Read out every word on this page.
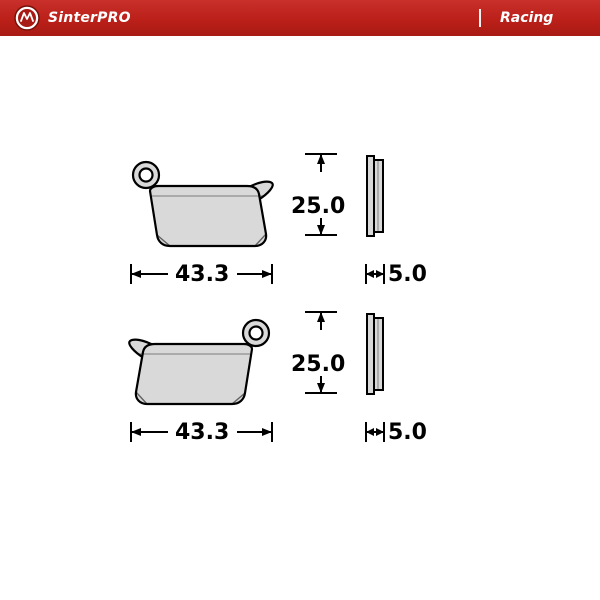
SinterPRO	Racing
43.3
25.0
5.0
43.3
25.0
5.0
